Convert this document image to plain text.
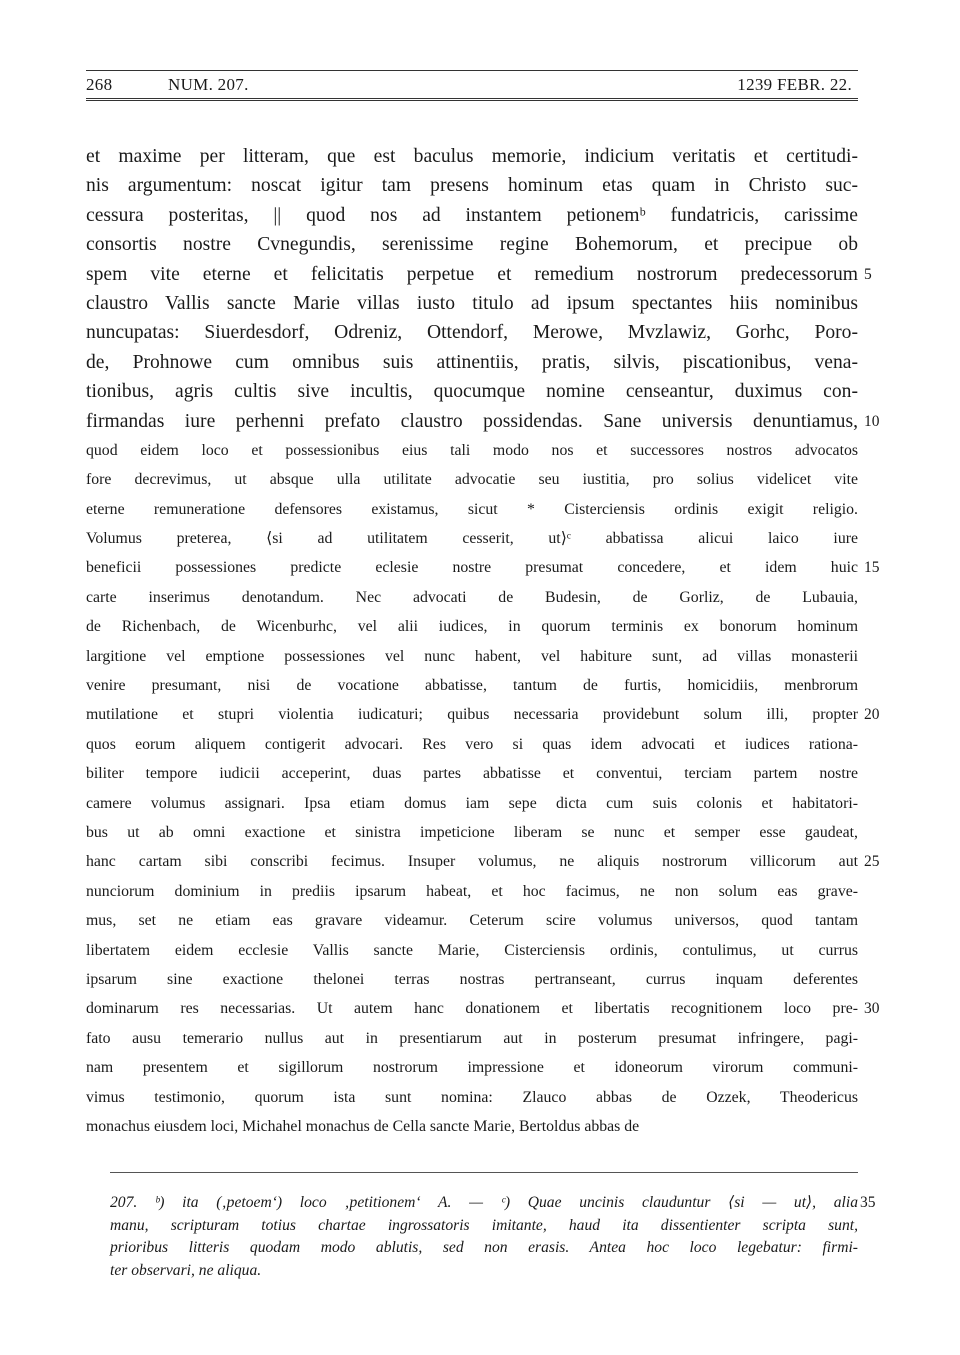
268	NUM. 207.	1239 FEBR. 22.
et maxime per litteram, que est baculus memorie, indicium veritatis et certitudi-
nis argumentum: noscat igitur tam presens hominum etas quam in Christo suc-
cessura posteritas, || quod nos ad instantem petionemᵇ fundatricis, carissime
consortis nostre Cvnegundis, serenissime regine Bohemorum, et precipue ob
spem vite eterne et felicitatis perpetue et remedium nostrorum predecessorum 5
claustro Vallis sancte Marie villas iusto titulo ad ipsum spectantes hiis nominibus
nuncupatas: Siuerdesdorf, Odreniz, Ottendorf, Merowe, Mvzlawiz, Gorhc, Poro-
de, Prohnowe cum omnibus suis attinentiis, pratis, silvis, piscationibus, vena-
tionibus, agris cultis sive incultis, quocumque nomine censeantur, duximus con-
firmandas iure perhenni prefato claustro possidendas. Sane universis denuntiamus, 10
quod eidem loco et possessionibus eius tali modo nos et successores nostros advocatos
fore decrevimus, ut absque ulla utilitate advocatie seu iustitia, pro solius videlicet vite
eterne remuneratione defensores existamus, sicut * Cisterciensis ordinis exigit religio.
Volumus preterea, ⟨si ad utilitatem cesserit, ut⟩ᶜ abbatissa alicui laico iure
beneficii possessiones predicte eclesie nostre presumat concedere, et idem huic 15
carte inserimus denotandum. Nec advocati de Budesin, de Gorliz, de Lubauia,
de Richenbach, de Wicenburhc, vel alii iudices, in quorum terminis ex bonorum hominum
largitione vel emptione possessiones vel nunc habent, vel habiture sunt, ad villas monasterii
venire presumant, nisi de vocatione abbatisse, tantum de furtis, homicidiis, menbrorum
mutilatione et stupri violentia iudicaturi; quibus necessaria providebunt solum illi, propter 20
quos eorum aliquem contigerit advocari. Res vero si quas idem advocati et iudices rationa-
biliter tempore iudicii acceperint, duas partes abbatisse et conventui, terciam partem nostre
camere volumus assignari. Ipsa etiam domus iam sepe dicta cum suis colonis et habitatori-
bus ut ab omni exactione et sinistra impeticione liberam se nunc et semper esse gaudeat,
hanc cartam sibi conscribi fecimus. Insuper volumus, ne aliquis nostrorum villicorum aut 25
nunciorum dominium in prediis ipsarum habeat, et hoc facimus, ne non solum eas grave-
mus, set ne etiam eas gravare videamur. Ceterum scire volumus universos, quod tantam
libertatem eidem ecclesie Vallis sancte Marie, Cisterciensis ordinis, contulimus, ut currus
ipsarum sine exactione thelonei terras nostras pertranseant, currus inquam deferentes
dominarum res necessarias. Ut autem hanc donationem et libertatis recognitionem loco pre- 30
fato ausu temerario nullus aut in presentiarum aut in posterum presumat infringere, pagi-
nam presentem et sigillorum nostrorum impressione et idoneorum virorum communi-
vimus testimonio, quorum ista sunt nomina: Zlauco abbas de Ozzek, Theodericus
monachus eiusdem loci, Michahel monachus de Cella sancte Marie, Bertoldus abbas de
207. ᵇ) ita (‚petoem‘) loco ‚petitionem‘ A. — ᶜ) Quae uncinis clauduntur ⟨si — ut⟩, alia 35
manu, scripturam totius chartae ingrossatoris imitante, haud ita dissentienter scripta sunt,
prioribus litteris quodam modo ablutis, sed non erasis. Antea hoc loco legebatur: firmi-
ter observari, ne aliqua.
